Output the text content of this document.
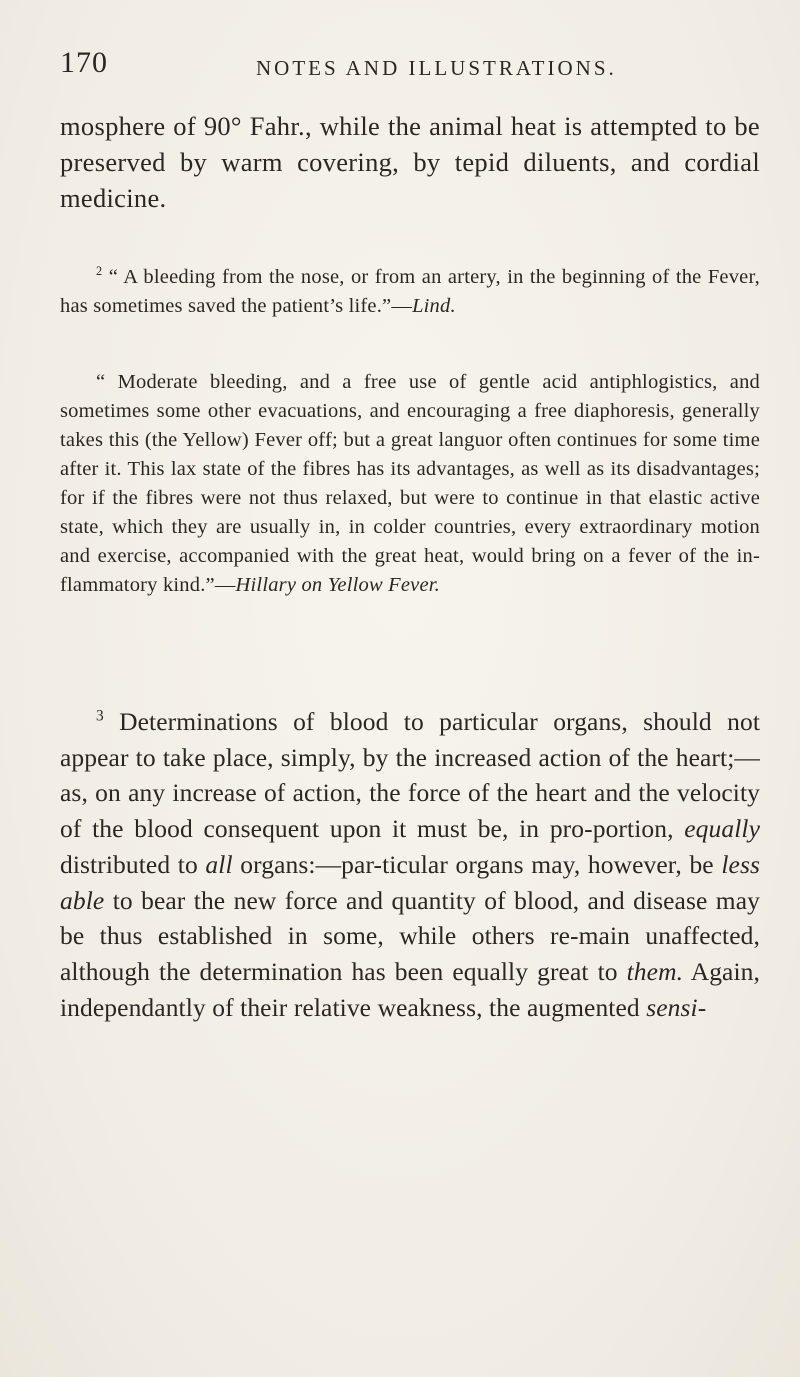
170	NOTES AND ILLUSTRATIONS.

mosphere of 90° Fahr., while the animal heat is attempted to be preserved by warm covering, by tepid diluents, and cordial medicine.

$^2$ “ A bleeding from the nose, or from an artery, in the beginning of the Fever, has sometimes saved the patient’s life.”—Lind.

“ Moderate bleeding, and a free use of gentle acid antiphlogistics, and sometimes some other evacuations, and encouraging a free diaphoresis, generally takes this (the Yellow) Fever off; but a great languor often continues for some time after it. This lax state of the fibres has its advantages, as well as its disadvantages; for if the fibres were not thus relaxed, but were to continue in that elastic active state, which they are usually in, in colder countries, every extraordinary motion and exercise, accompanied with the great heat, would bring on a fever of the in-flammatory kind.”—Hillary on Yellow Fever.

$^3$ Determinations of blood to particular organs, should not appear to take place, simply, by the increased action of the heart;—as, on any increase of action, the force of the heart and the velocity of the blood consequent upon it must be, in pro-portion, equally distributed to all organs:—par-ticular organs may, however, be less able to bear the new force and quantity of blood, and disease may be thus established in some, while others re-main unaffected, although the determination has been equally great to them. Again, independantly of their relative weakness, the augmented sensi-
